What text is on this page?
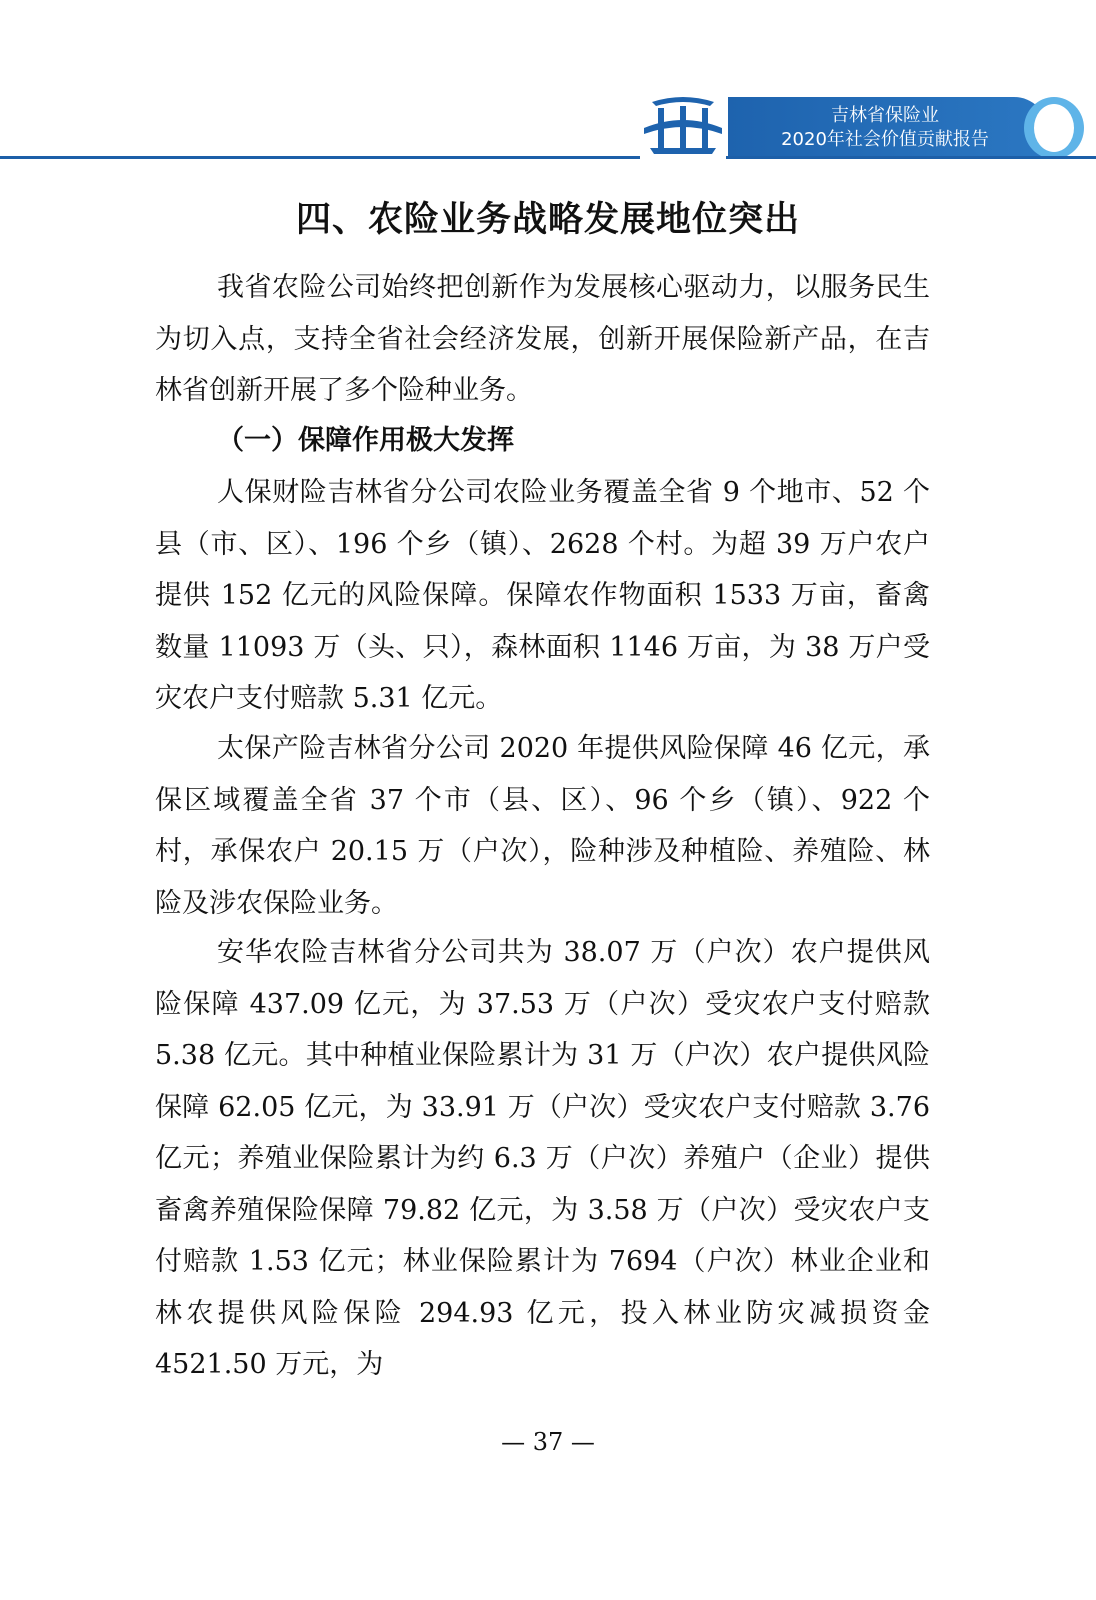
吉林省保险业
2020年社会价值贡献报告
四、农险业务战略发展地位突出

我省农险公司始终把创新作为发展核心驱动力，以服务民生为切入点，支持全省社会经济发展，创新开展保险新产品，在吉林省创新开展了多个险种业务。

（一）保障作用极大发挥

人保财险吉林省分公司农险业务覆盖全省 9 个地市、52 个县（市、区）、196 个乡（镇）、2628 个村。为超 39 万户农户提供 152 亿元的风险保障。保障农作物面积 1533 万亩，畜禽数量 11093 万（头、只），森林面积 1146 万亩，为 38 万户受灾农户支付赔款 5.31 亿元。

太保产险吉林省分公司 2020 年提供风险保障 46 亿元，承保区域覆盖全省 37 个市（县、区）、96 个乡（镇）、922 个村，承保农户 20.15 万（户次），险种涉及种植险、养殖险、林险及涉农保险业务。

安华农险吉林省分公司共为 38.07 万（户次）农户提供风险保障 437.09 亿元，为 37.53 万（户次）受灾农户支付赔款 5.38 亿元。其中种植业保险累计为 31 万（户次）农户提供风险保障 62.05 亿元，为 33.91 万（户次）受灾农户支付赔款 3.76 亿元；养殖业保险累计为约 6.3 万（户次）养殖户（企业）提供畜禽养殖保险保障 79.82 亿元，为 3.58 万（户次）受灾农户支付赔款 1.53 亿元；林业保险累计为 7694（户次）林业企业和林农提供风险保险 294.93 亿元，投入林业防灾减损资金 4521.50 万元，为

— 37 —
